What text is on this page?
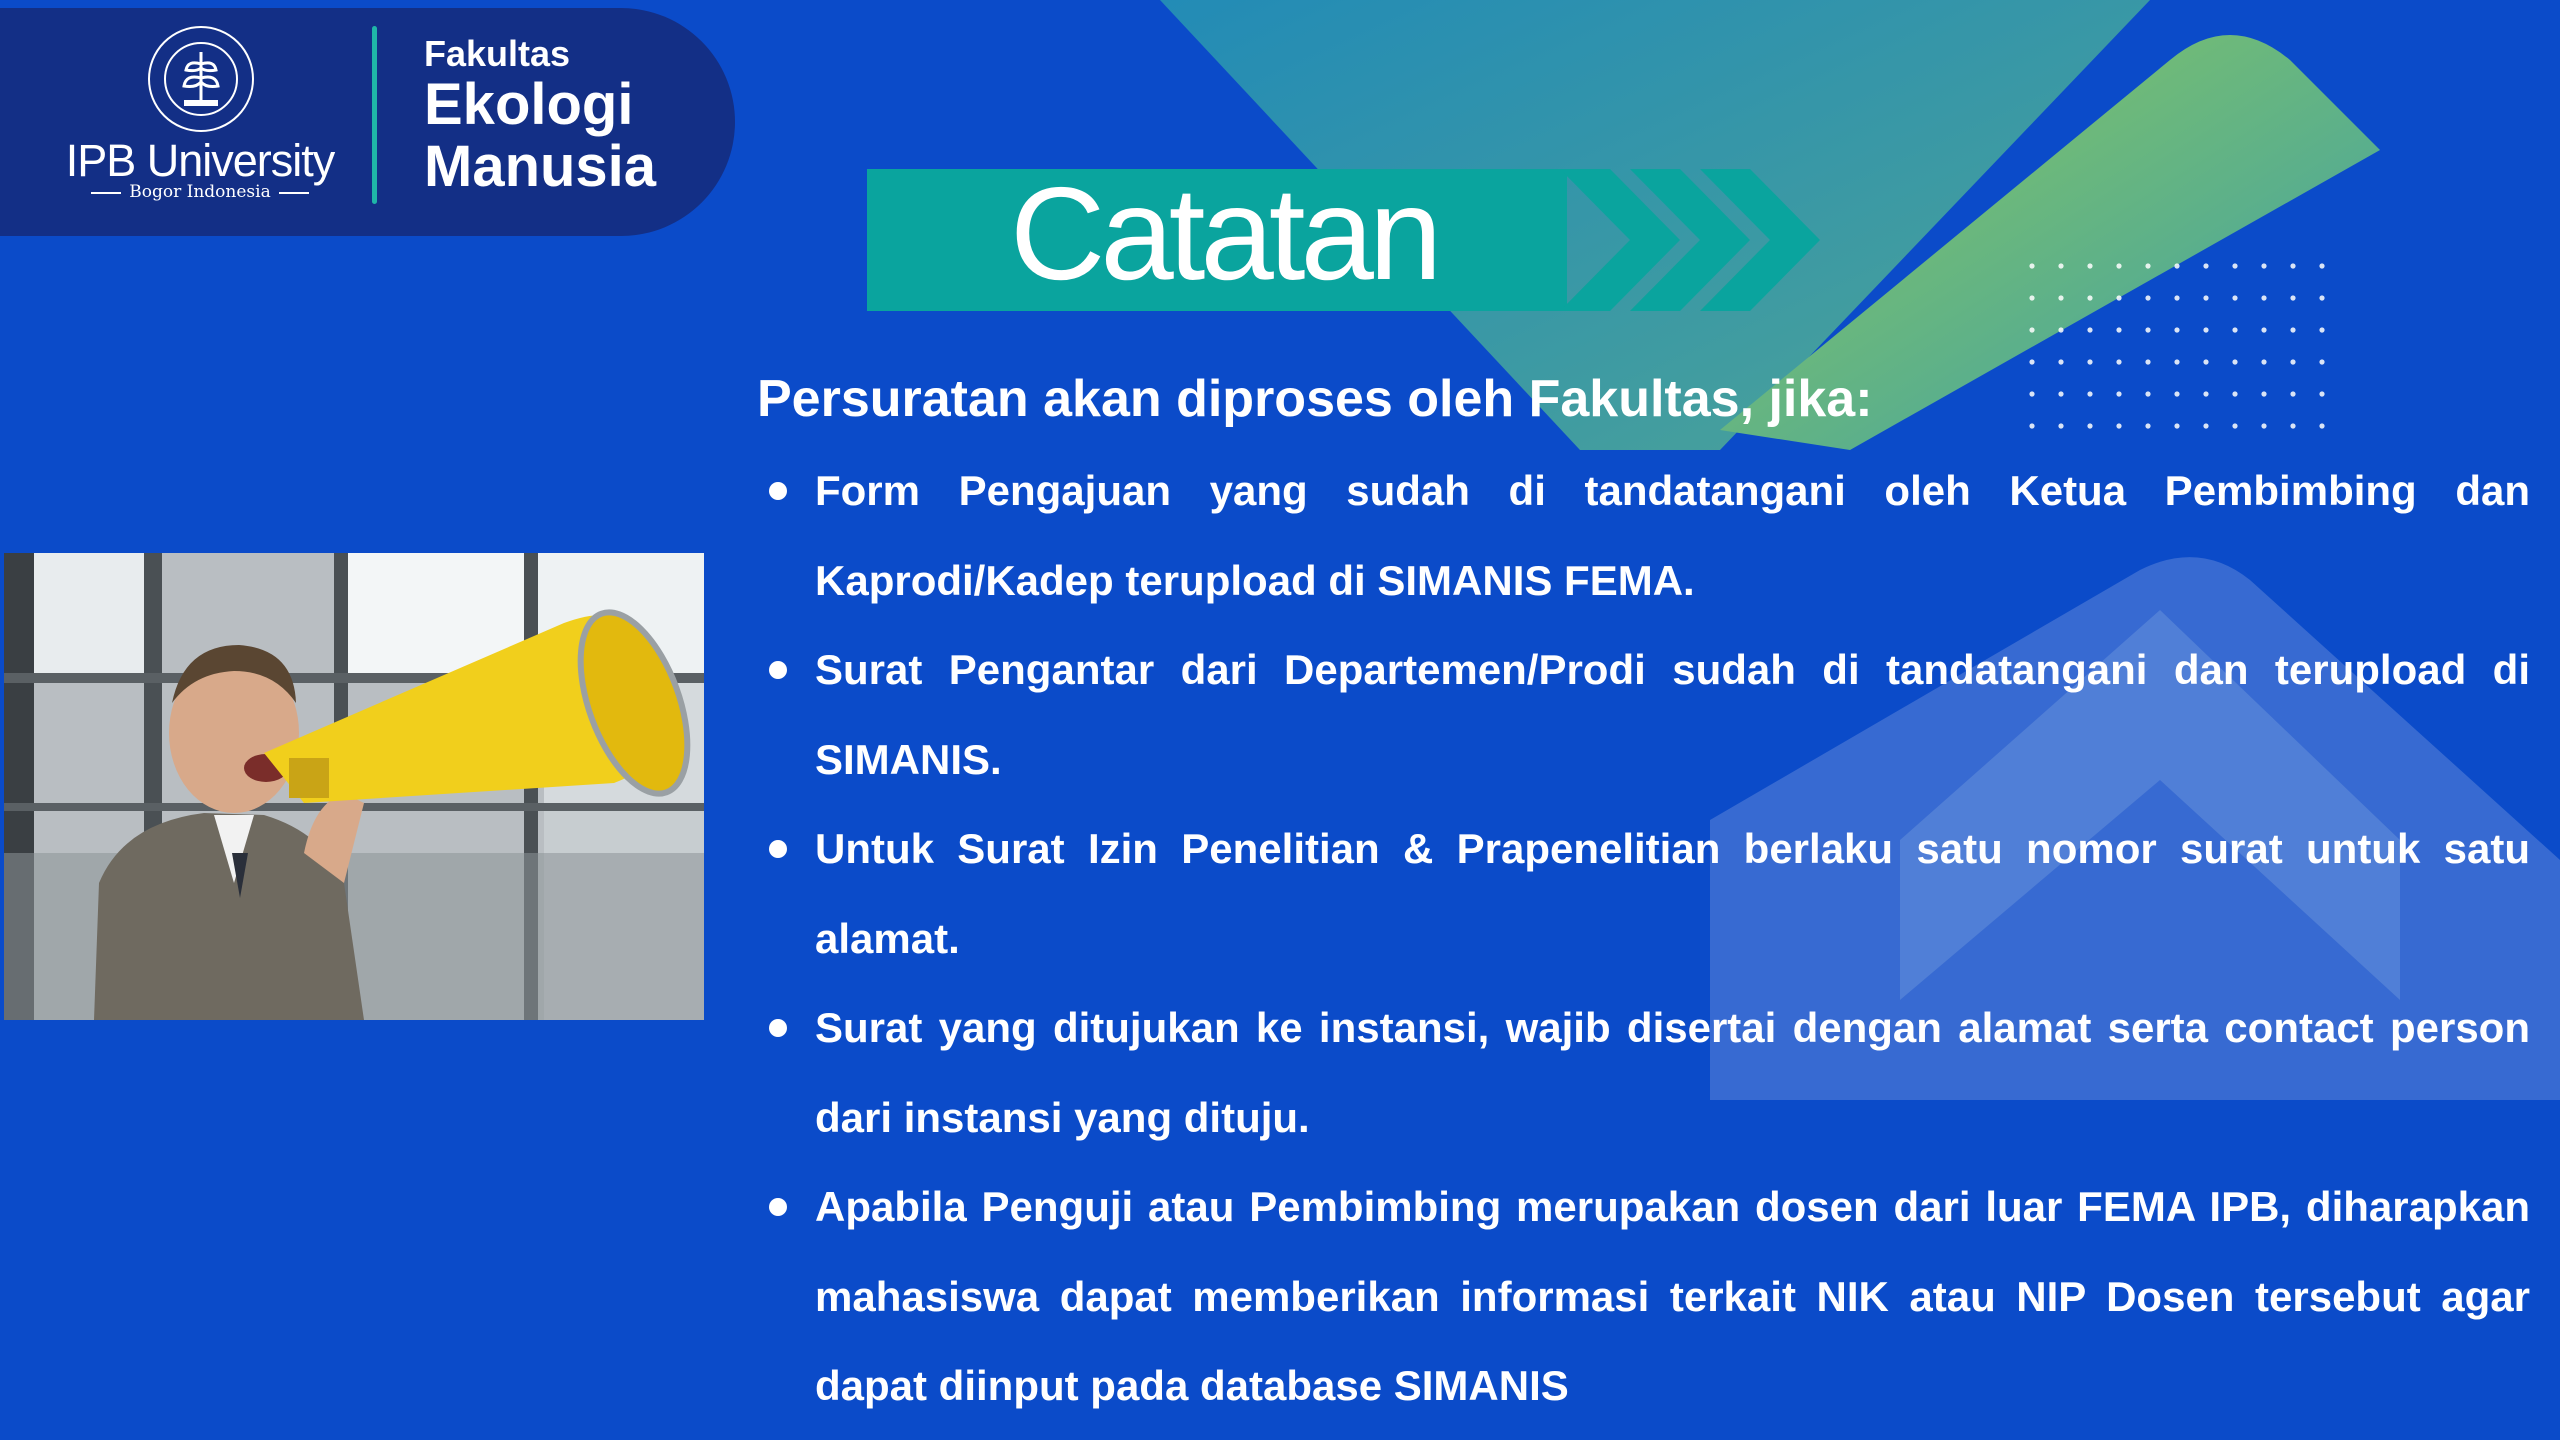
IPB University
Bogor Indonesia
Fakultas
Ekologi
Manusia	Catatan
Persuratan akan diproses oleh Fakultas, jika:
Form Pengajuan yang sudah di tandatangani oleh Ketua Pembimbing dan Kaprodi/Kadep terupload di SIMANIS FEMA.
Surat Pengantar dari Departemen/Prodi sudah di tandatangani dan terupload di SIMANIS.
Untuk Surat Izin Penelitian & Prapenelitian berlaku satu nomor surat untuk satu alamat.
Surat yang ditujukan ke instansi, wajib disertai dengan alamat serta contact person dari instansi yang dituju.
Apabila Penguji atau Pembimbing merupakan dosen dari luar FEMA IPB, diharapkan mahasiswa dapat memberikan informasi terkait NIK atau NIP Dosen tersebut agar dapat diinput pada database SIMANIS
